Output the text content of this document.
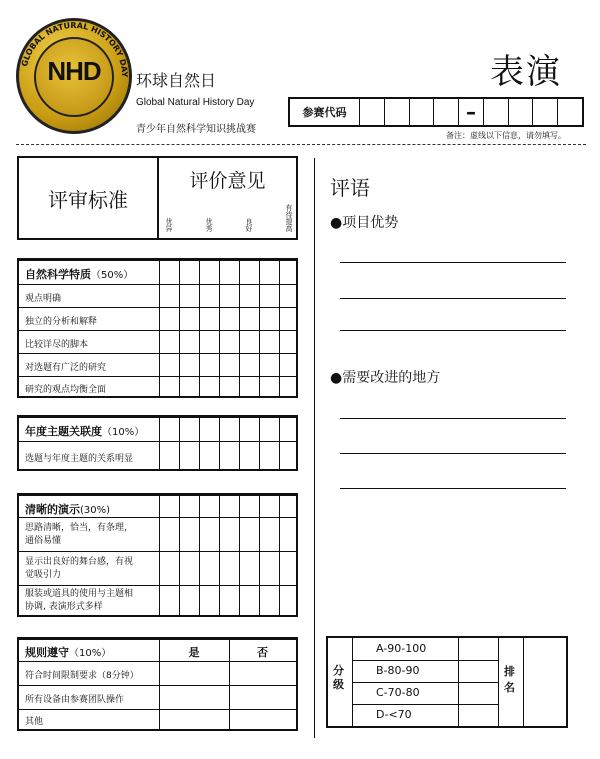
GLOBAL NATURAL HISTORY DAY
NHD	环球自然日
Global Natural History Day
青少年自然科学知识挑战赛
表演
参赛代码	–
备注：虚线以下信息，请勿填写。
评审标准
评价意见
优异	优秀	良好	有待提高
自然科学特质（50%）
观点明确
独立的分析和解释
比较详尽的脚本
对选题有广泛的研究
研究的观点均衡全面
年度主题关联度（10%）
选题与年度主题的关系明显
清晰的演示(30%)
思路清晰，恰当，有条理，
通俗易懂
显示出良好的舞台感，有视
觉吸引力
服装或道具的使用与主题相
协调, 表演形式多样
规则遵守（10%）	是	否
符合时间限制要求（8分钟）
所有设备由参赛团队操作
其他
评语
●项目优势
●需要改进的地方
分级
A-90-100
B-80-90
C-70-80
D-<70
排名
